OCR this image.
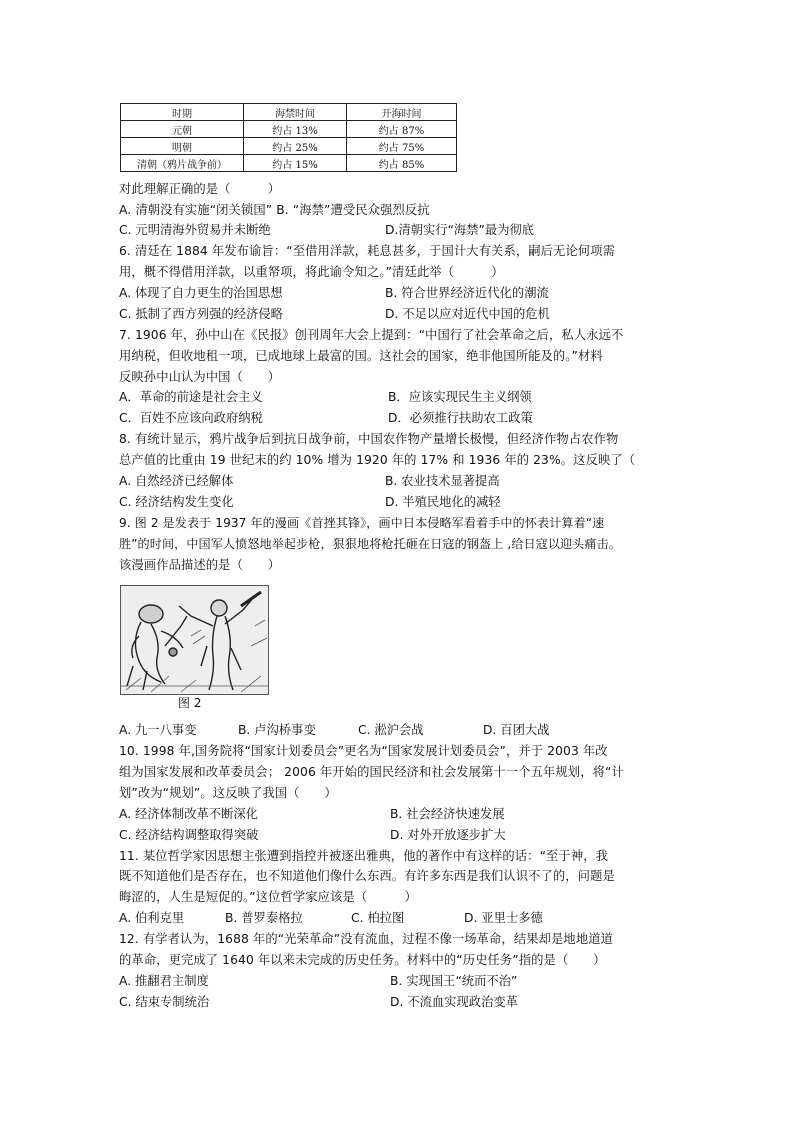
时期	海禁时间	开海时间
元朝	约占 13%	约占 87%
明朝	约占 25%	约占 75%
清朝（鸦片战争前）	约占 15%	约占 85%
对此理解正确的是（　　　）
A. 清朝没有实施“闭关锁国” B. “海禁”遭受民众强烈反抗
C. 元明清海外贸易并未断绝	D.清朝实行“海禁”最为彻底
6. 清廷在 1884 年发布谕旨：“至借用洋款，耗息甚多，于国计大有关系，嗣后无论何项需
用，概不得借用洋款，以重帑项，将此谕令知之。”清廷此举（　　　）
A. 体现了自力更生的治国思想	B. 符合世界经济近代化的潮流
C. 抵制了西方列强的经济侵略	D. 不足以应对近代中国的危机
7. 1906 年，孙中山在《民报》创刊周年大会上提到：“中国行了社会革命之后，私人永远不
用纳税，但收地租一项，已成地球上最富的国。这社会的国家，绝非他国所能及的。”材料
反映孙中山认为中国（　　）
A．革命的前途是社会主义	B．应该实现民生主义纲领
C．百姓不应该向政府纳税	D．必须推行扶助农工政策
8. 有统计显示，鸦片战争后到抗日战争前，中国农作物产量增长极慢，但经济作物占农作物
总产值的比重由 19 世纪末的约 10% 增为 1920 年的 17% 和 1936 年的 23%。这反映了（
A. 自然经济已经解体	B. 农业技术显著提高
C. 经济结构发生变化	D. 半殖民地化的减轻
9. 图 2 是发表于 1937 年的漫画《首挫其锋》，画中日本侵略军看着手中的怀表计算着“速
胜”的时间，中国军人愤怒地举起步枪，狠狠地将枪托砸在日寇的钢盔上 ,给日寇以迎头痛击。
该漫画作品描述的是（　　）
图 2
A. 九一八事变	B. 卢沟桥事变	C. 淞沪会战	D. 百团大战
10. 1998 年,国务院将“国家计划委员会”更名为“国家发展计划委员会”，并于 2003 年改
组为国家发展和改革委员会； 2006 年开始的国民经济和社会发展第十一个五年规划，将“计
划”改为“规划”。这反映了我国（　　）
A. 经济体制改革不断深化	B. 社会经济快速发展
C. 经济结构调整取得突破	D. 对外开放逐步扩大
11. 某位哲学家因思想主张遭到指控并被逐出雅典，他的著作中有这样的话：“至于神，我
既不知道他们是否存在，也不知道他们像什么东西。有许多东西是我们认识不了的，问题是
晦涩的，人生是短促的。”这位哲学家应该是（　　　）
A. 伯利克里	B. 普罗泰格拉	C. 柏拉图	D. 亚里士多德
12. 有学者认为，1688 年的“光荣革命”没有流血，过程不像一场革命，结果却是地地道道
的革命，更完成了 1640 年以来未完成的历史任务。材料中的“历史任务”指的是（　　）
A. 推翻君主制度	B. 实现国王“统而不治”
C. 结束专制统治	D. 不流血实现政治变革
